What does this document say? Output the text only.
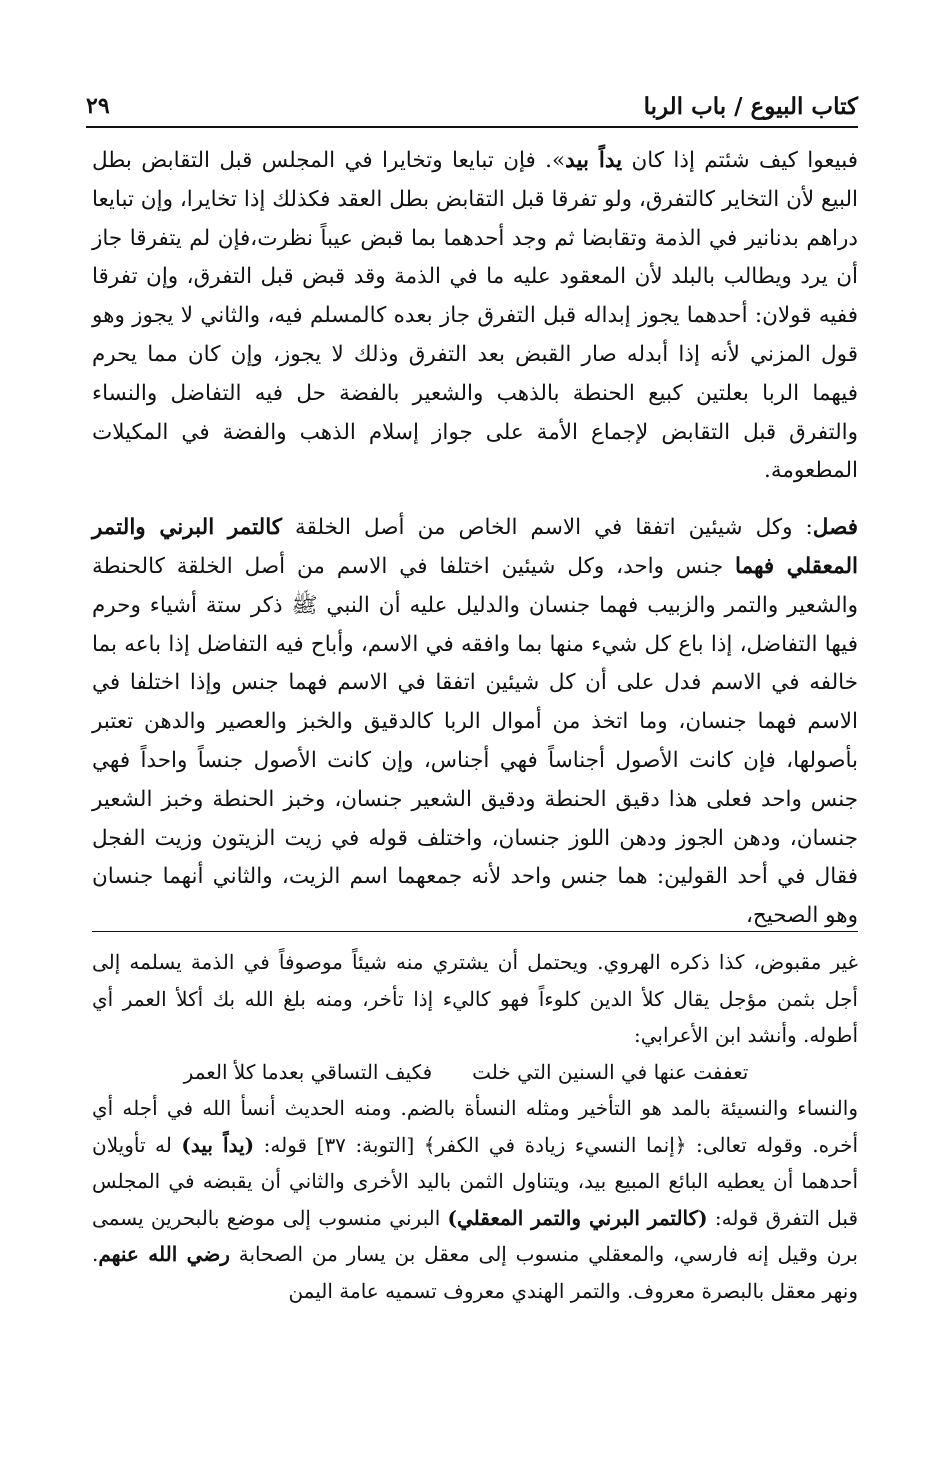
كتاب البيوع / باب الربا
٢٩

فبيعوا كيف شئتم إذا كان يداً بيد». فإن تبايعا وتخايرا في المجلس قبل التقابض بطل البيع لأن التخاير كالتفرق، ولو تفرقا قبل التقابض بطل العقد فكذلك إذا تخايرا، وإن تبايعا دراهم بدنانير في الذمة وتقابضا ثم وجد أحدهما بما قبض عيباً نظرت،فإن لم يتفرقا جاز أن يرد ويطالب بالبلد لأن المعقود عليه ما في الذمة وقد قبض قبل التفرق، وإن تفرقا ففيه قولان: أحدهما يجوز إبداله قبل التفرق جاز بعده كالمسلم فيه، والثاني لا يجوز وهو قول المزني لأنه إذا أبدله صار القبض بعد التفرق وذلك لا يجوز، وإن كان مما يحرم فيهما الربا بعلتين كبيع الحنطة بالذهب والشعير بالفضة حل فيه التفاضل والنساء والتفرق قبل التقابض لإجماع الأمة على جواز إسلام الذهب والفضة في المكيلات المطعومة.

فصل: وكل شيئين اتفقا في الاسم الخاص من أصل الخلقة كالتمر البرني والتمر المعقلي فهما جنس واحد، وكل شيئين اختلفا في الاسم من أصل الخلقة كالحنطة والشعير والتمر والزبيب فهما جنسان والدليل عليه أن النبي ﷺ ذكر ستة أشياء وحرم فيها التفاضل، إذا باع كل شيء منها بما وافقه في الاسم، وأباح فيه التفاضل إذا باعه بما خالفه في الاسم فدل على أن كل شيئين اتفقا في الاسم فهما جنس وإذا اختلفا في الاسم فهما جنسان، وما اتخذ من أموال الربا كالدقيق والخبز والعصير والدهن تعتبر بأصولها، فإن كانت الأصول أجناساً فهي أجناس، وإن كانت الأصول جنساً واحداً فهي جنس واحد فعلى هذا دقيق الحنطة ودقيق الشعير جنسان، وخبز الحنطة وخبز الشعير جنسان، ودهن الجوز ودهن اللوز جنسان، واختلف قوله في زيت الزيتون وزيت الفجل فقال في أحد القولين: هما جنس واحد لأنه جمعهما اسم الزيت، والثاني أنهما جنسان وهو الصحيح،

غير مقبوض، كذا ذكره الهروي. ويحتمل أن يشتري منه شيئاً موصوفاً في الذمة يسلمه إلى أجل بثمن مؤجل يقال كلأ الدين كلوءاً فهو كاليء إذا تأخر، ومنه بلغ الله بك أكلأ العمر أي أطوله. وأنشد ابن الأعرابي:

تعففت عنها في السنين التي خلت
فكيف التساقي بعدما كلأ العمر

والنساء والنسيئة بالمد هو التأخير ومثله النسأة بالضم. ومنه الحديث أنسأ الله في أجله أي أخره. وقوله تعالى: ﴿إنما النسيء زيادة في الكفر﴾ [التوبة: ٣٧] قوله: (يداً بيد) له تأويلان أحدهما أن يعطيه البائع المبيع بيد، ويتناول الثمن باليد الأخرى والثاني أن يقبضه في المجلس قبل التفرق قوله: (كالتمر البرني والتمر المعقلي) البرني منسوب إلى موضع بالبحرين يسمى برن وقيل إنه فارسي، والمعقلي منسوب إلى معقل بن يسار من الصحابة رضي الله عنهم. ونهر معقل بالبصرة معروف. والتمر الهندي معروف تسميه عامة اليمن
